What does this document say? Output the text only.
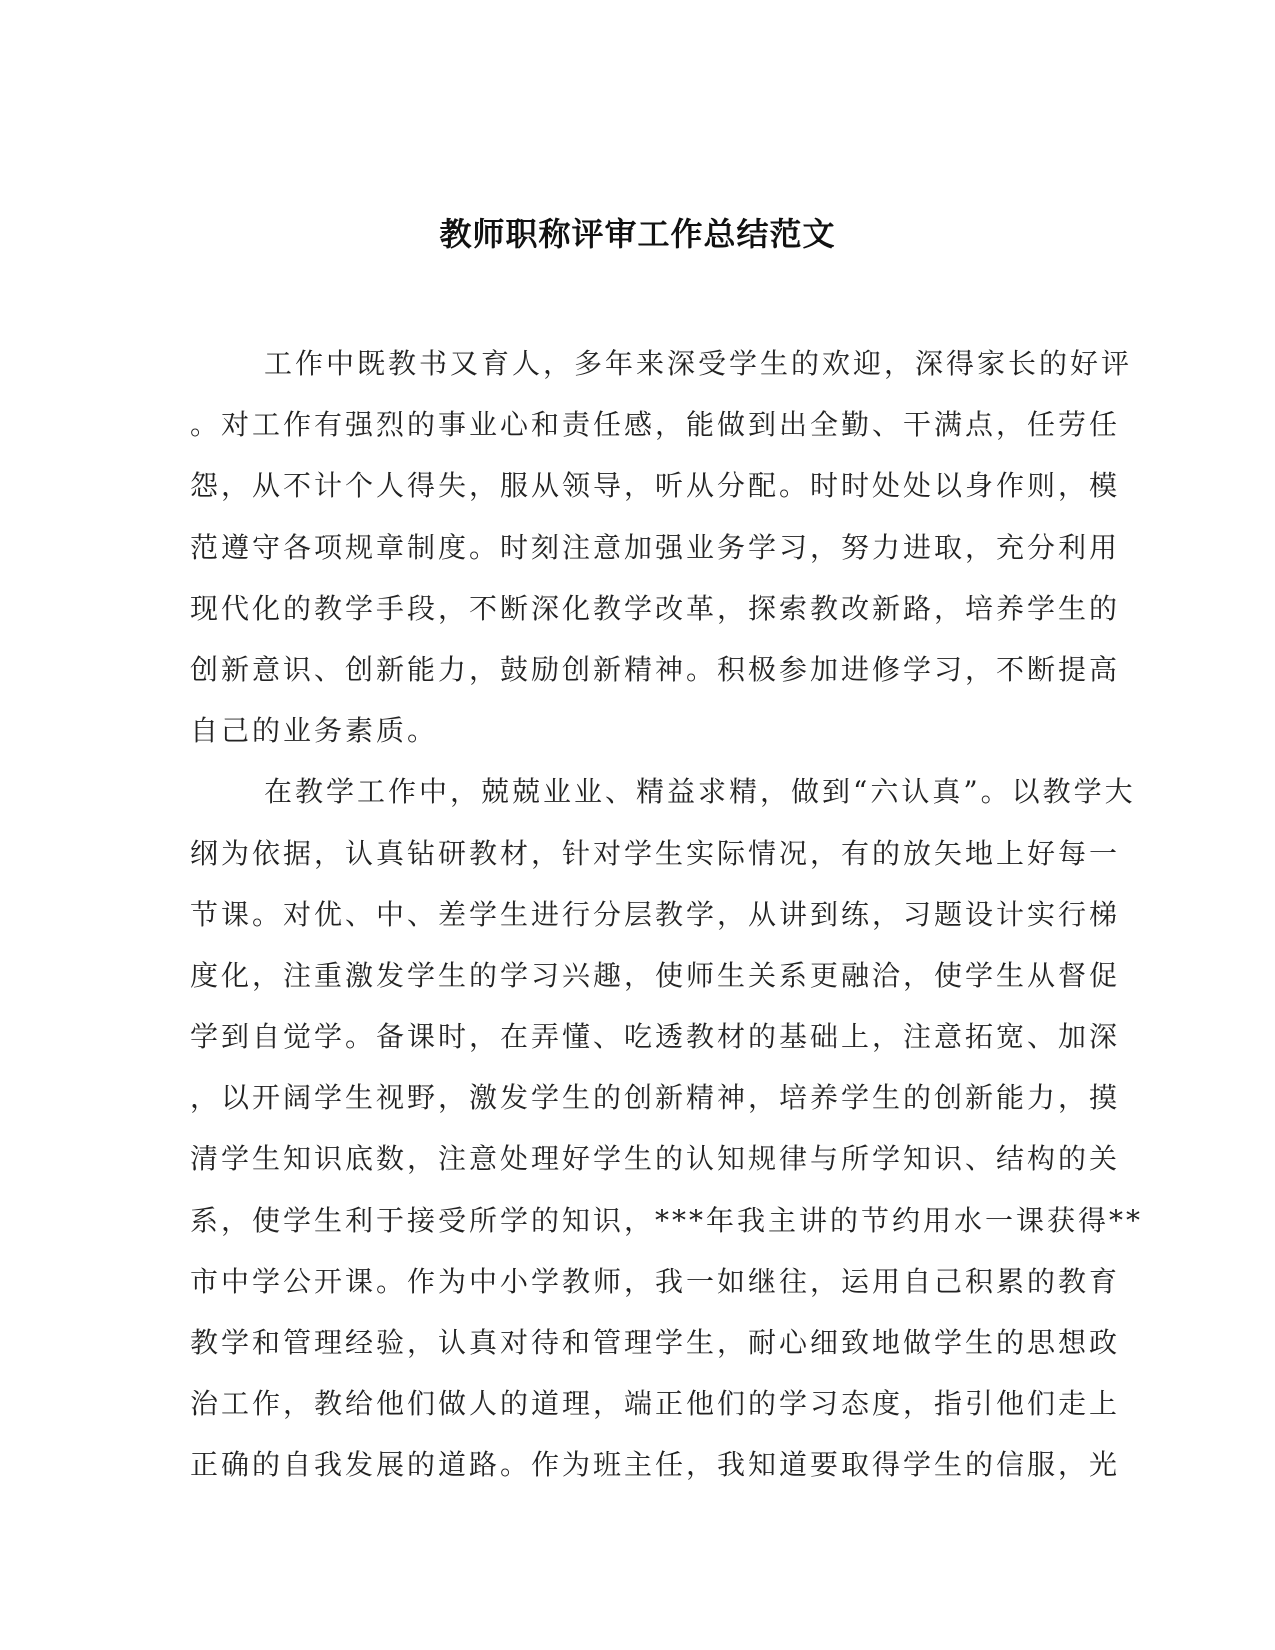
教师职称评审工作总结范文
工作中既教书又育人，多年来深受学生的欢迎，深得家长的好评
。对工作有强烈的事业心和责任感，能做到出全勤、干满点，任劳任
怨，从不计个人得失，服从领导，听从分配。时时处处以身作则，模
范遵守各项规章制度。时刻注意加强业务学习，努力进取，充分利用
现代化的教学手段，不断深化教学改革，探索教改新路，培养学生的
创新意识、创新能力，鼓励创新精神。积极参加进修学习，不断提高
自己的业务素质。
在教学工作中，兢兢业业、精益求精，做到“六认真”。以教学大
纲为依据，认真钻研教材，针对学生实际情况，有的放矢地上好每一
节课。对优、中、差学生进行分层教学，从讲到练，习题设计实行梯
度化，注重激发学生的学习兴趣，使师生关系更融洽，使学生从督促
学到自觉学。备课时，在弄懂、吃透教材的基础上，注意拓宽、加深
，以开阔学生视野，激发学生的创新精神，培养学生的创新能力，摸
清学生知识底数，注意处理好学生的认知规律与所学知识、结构的关
系，使学生利于接受所学的知识，***年我主讲的节约用水一课获得**
市中学公开课。作为中小学教师，我一如继往，运用自己积累的教育
教学和管理经验，认真对待和管理学生，耐心细致地做学生的思想政
治工作，教给他们做人的道理，端正他们的学习态度，指引他们走上
正确的自我发展的道路。作为班主任，我知道要取得学生的信服，光
